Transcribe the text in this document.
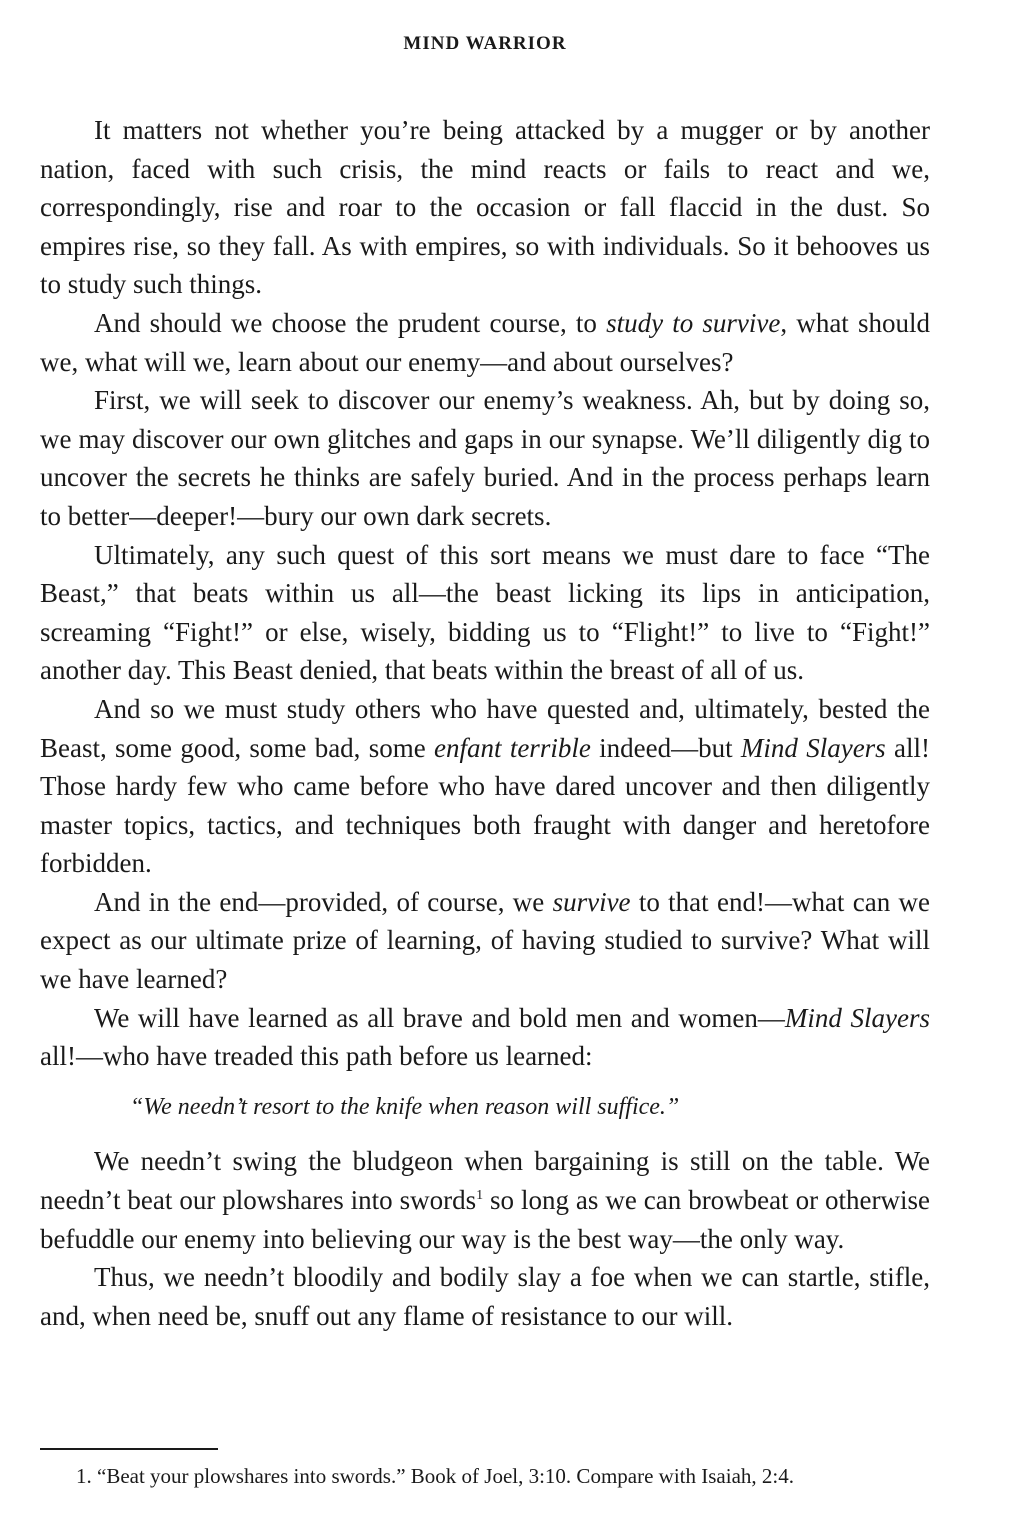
MIND WARRIOR

It matters not whether you’re being attacked by a mugger or by another nation, faced with such crisis, the mind reacts or fails to react and we, correspondingly, rise and roar to the occasion or fall flaccid in the dust. So empires rise, so they fall. As with empires, so with individuals. So it behooves us to study such things.

And should we choose the prudent course, to study to survive, what should we, what will we, learn about our enemy—and about ourselves?

First, we will seek to discover our enemy’s weakness. Ah, but by doing so, we may discover our own glitches and gaps in our synapse. We’ll diligently dig to uncover the secrets he thinks are safely buried. And in the process perhaps learn to better—deeper!—bury our own dark secrets.

Ultimately, any such quest of this sort means we must dare to face “The Beast,” that beats within us all—the beast licking its lips in anticipation, screaming “Fight!” or else, wisely, bidding us to “Flight!” to live to “Fight!” another day. This Beast denied, that beats within the breast of all of us.

And so we must study others who have quested and, ultimately, bested the Beast, some good, some bad, some enfant terrible indeed—but Mind Slayers all! Those hardy few who came before who have dared uncover and then diligently master topics, tactics, and techniques both fraught with danger and heretofore forbidden.

And in the end—provided, of course, we survive to that end!—what can we expect as our ultimate prize of learning, of having studied to survive? What will we have learned?

We will have learned as all brave and bold men and women—Mind Slayers all!—who have treaded this path before us learned:

“We needn’t resort to the knife when reason will suffice.”

We needn’t swing the bludgeon when bargaining is still on the table. We needn’t beat our plowshares into swords$^1$ so long as we can browbeat or otherwise befuddle our enemy into believing our way is the best way—the only way.

Thus, we needn’t bloodily and bodily slay a foe when we can startle, stifle, and, when need be, snuff out any flame of resistance to our will.

1. “Beat your plowshares into swords.” Book of Joel, 3:10. Compare with Isaiah, 2:4.
